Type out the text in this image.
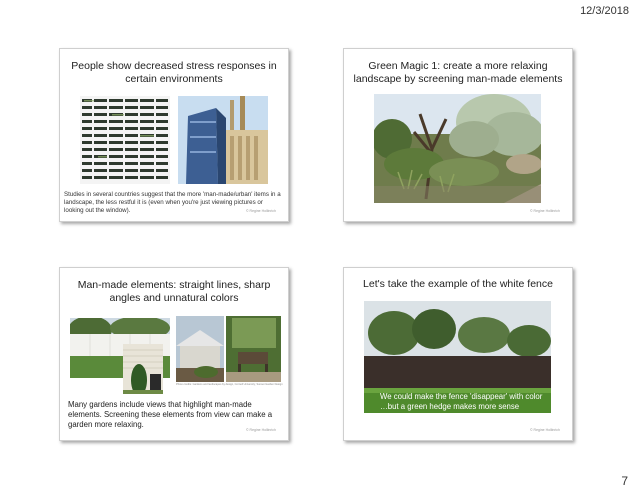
12/3/2018
People show decreased stress responses in certain environments
Studies in several countries suggest that the more 'man-made/urban' items in a landscape, the less restful it is (even when you're just viewing pictures or looking out the window).	© Regine Hollinrich
Green Magic 1: create a more relaxing landscape by screening man-made elements
© Regine Hollinrich
Man-made elements: straight lines, sharp angles and unnatural colors
Photo credits: Gardens and landscapes by design, Cornell University; Sunset Garden Design
Many gardens include views that highlight man-made elements. Screening these elements from view can make a garden more relaxing.
© Regine Hollinrich
Let's take the example of the white fence
We could make the fence 'disappear' with color …but a green hedge makes more sense
© Regine Hollinrich
7
